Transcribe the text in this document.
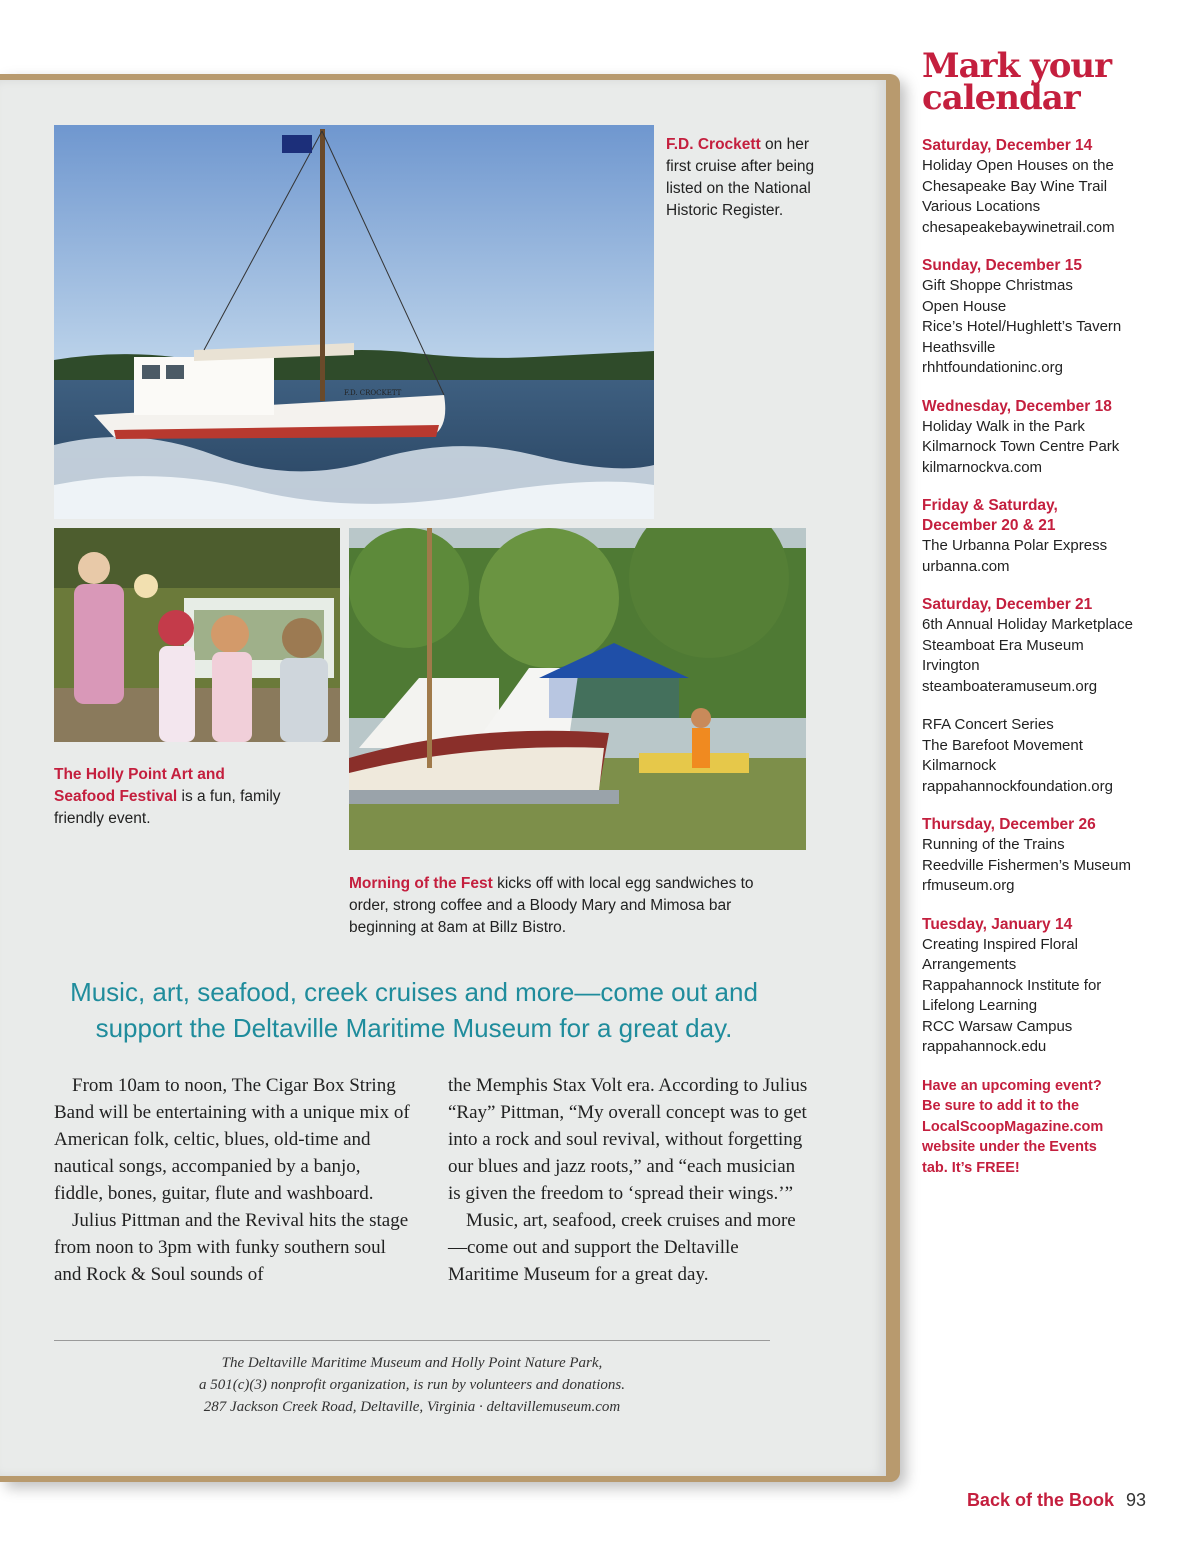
F.D. CROCKETT
F.D. Crockett on her first cruise after being listed on the National Historic Register.
The Holly Point Art and Seafood Festival is a fun, family friendly event.
Morning of the Fest kicks off with local egg sandwiches to order, strong coffee and a Bloody Mary and Mimosa bar beginning at 8am at Billz Bistro.
Music, art, seafood, creek cruises and more—come out and support the Deltaville Maritime Museum for a great day.

From 10am to noon, The Cigar Box String Band will be entertaining with a unique mix of American folk, celtic, blues, old-time and nautical songs, accompanied by a banjo, fiddle, bones, guitar, flute and washboard.

Julius Pittman and the Revival hits the stage from noon to 3pm with funky southern soul and Rock & Soul sounds of

the Memphis Stax Volt era. According to Julius “Ray” Pittman, “My overall concept was to get into a rock and soul revival, without forgetting our blues and jazz roots,” and “each musician is given the freedom to ‘spread their wings.’”

Music, art, seafood, creek cruises and more—come out and support the Deltaville Maritime Museum for a great day.

The Deltaville Maritime Museum and Holly Point Nature Park,
a 501(c)(3) nonprofit organization, is run by volunteers and donations.
287 Jackson Creek Road, Deltaville, Virginia · deltavillemuseum.com
Mark your
calendar
Saturday, December 14
Holiday Open Houses on the
Chesapeake Bay Wine Trail
Various Locations
chesapeakebaywinetrail.com
Sunday, December 15
Gift Shoppe Christmas
Open House
Rice’s Hotel/Hughlett’s Tavern
Heathsville
rhhtfoundationinc.org
Wednesday, December 18
Holiday Walk in the Park
Kilmarnock Town Centre Park
kilmarnockva.com
Friday & Saturday, December 20 & 21
The Urbanna Polar Express
urbanna.com
Saturday, December 21
6th Annual Holiday Marketplace
Steamboat Era Museum
Irvington
steamboateramuseum.org
RFA Concert Series
The Barefoot Movement
Kilmarnock
rappahannockfoundation.org
Thursday, December 26
Running of the Trains
Reedville Fishermen’s Museum
rfmuseum.org
Tuesday, January 14
Creating Inspired Floral
Arrangements
Rappahannock Institute for
Lifelong Learning
RCC Warsaw Campus
rappahannock.edu
Have an upcoming event? Be sure to add it to the LocalScoopMagazine.com website under the Events tab. It’s FREE!
Back of the Book 93
